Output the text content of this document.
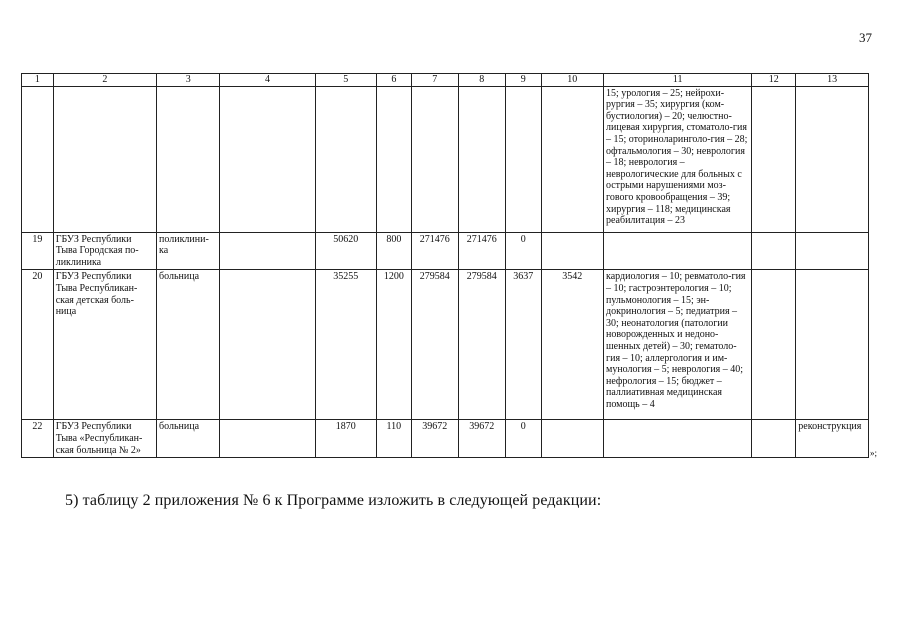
37
1	2	3	4	5	6	7	8	9	10	11	12	13
										15; урология – 25; нейрохи-рургия – 35; хирургия (ком-бустиология) – 20; челюстно-лицевая хирургия, стоматоло-гия – 15; оториноларинголо-гия – 28; офтальмология – 30; неврология – 18; неврология – неврологические для больных с острыми нарушениями моз-гового кровообращения – 39; хирургия – 118; медицинская реабилитация – 23		
19	ГБУЗ Республики Тыва Городская по-ликлиника	поликлини-ка		50620	800	271476	271476	0				
20	ГБУЗ Республики Тыва Республикан-ская детская боль-ница	больница		35255	1200	279584	279584	3637	3542	кардиология – 10; ревматоло-гия – 10; гастроэнтерология – 10; пульмонология – 15; эн-докринология – 5; педиатрия – 30; неонатология (патологии новорожденных и недоно-шенных детей) – 30; гематоло-гия – 10; аллергология и им-мунология – 5; неврология – 40; нефрология – 15; бюджет – паллиативная медицинская помощь – 4		
22	ГБУЗ Республики Тыва «Республикан-ская больница № 2»	больница		1870	110	39672	39672	0				реконструкция
»;
5) таблицу 2 приложения № 6 к Программе изложить в следующей редакции:
